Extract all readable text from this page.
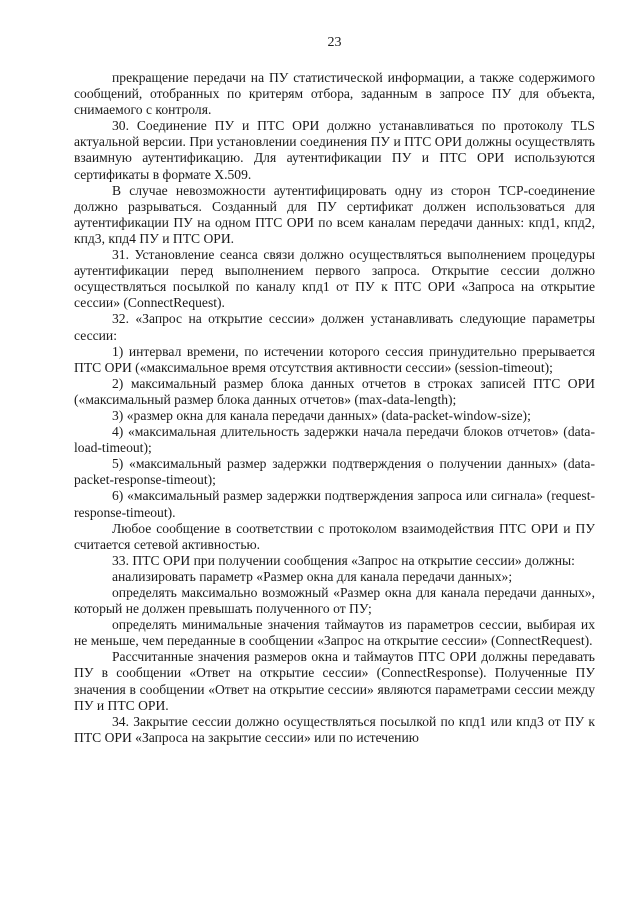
23

прекращение передачи на ПУ статистической информации, а также содержимого сообщений, отобранных по критерям отбора, заданным в запросе ПУ для объекта, снимаемого с контроля.

30. Соединение ПУ и ПТС ОРИ должно устанавливаться по протоколу TLS актуальной версии. При установлении соединения ПУ и ПТС ОРИ должны осуществлять взаимную аутентификацию. Для аутентификации ПУ и ПТС ОРИ используются сертификаты в формате X.509.

В случае невозможности аутентифицировать одну из сторон TCP-соединение должно разрываться. Созданный для ПУ сертификат должен использоваться для аутентификации ПУ на одном ПТС ОРИ по всем каналам передачи данных: кпд1, кпд2, кпд3, кпд4 ПУ и ПТС ОРИ.

31. Установление сеанса связи должно осуществляться выполнением процедуры аутентификации перед выполнением первого запроса. Открытие сессии должно осуществляться посылкой по каналу кпд1 от ПУ к ПТС ОРИ «Запроса на открытие сессии» (ConnectRequest).

32. «Запрос на открытие сессии» должен устанавливать следующие параметры сессии:

1) интервал времени, по истечении которого сессия принудительно прерывается ПТС ОРИ («максимальное время отсутствия активности сессии» (session-timeout);

2) максимальный размер блока данных отчетов в строках записей ПТС ОРИ («максимальный размер блока данных отчетов» (max-data-length);

3) «размер окна для канала передачи данных» (data-packet-window-size);

4) «максимальная длительность задержки начала передачи блоков отчетов» (data-load-timeout);

5) «максимальный размер задержки подтверждения о получении данных» (data-packet-response-timeout);

6) «максимальный размер задержки подтверждения запроса или сигнала» (request-response-timeout).

Любое сообщение в соответствии с протоколом взаимодействия ПТС ОРИ и ПУ считается сетевой активностью.

33. ПТС ОРИ при получении сообщения «Запрос на открытие сессии» должны:

анализировать параметр «Размер окна для канала передачи данных»;

определять максимально возможный «Размер окна для канала передачи данных», который не должен превышать полученного от ПУ;

определять минимальные значения таймаутов из параметров сессии, выбирая их не меньше, чем переданные в сообщении «Запрос на открытие сессии» (ConnectRequest).

Рассчитанные значения размеров окна и таймаутов ПТС ОРИ должны передавать ПУ в сообщении «Ответ на открытие сессии» (ConnectResponse). Полученные ПУ значения в сообщении «Ответ на открытие сессии» являются параметрами сессии между ПУ и ПТС ОРИ.

34. Закрытие сессии должно осуществляться посылкой по кпд1 или кпд3 от ПУ к ПТС ОРИ «Запроса на закрытие сессии» или по истечению
